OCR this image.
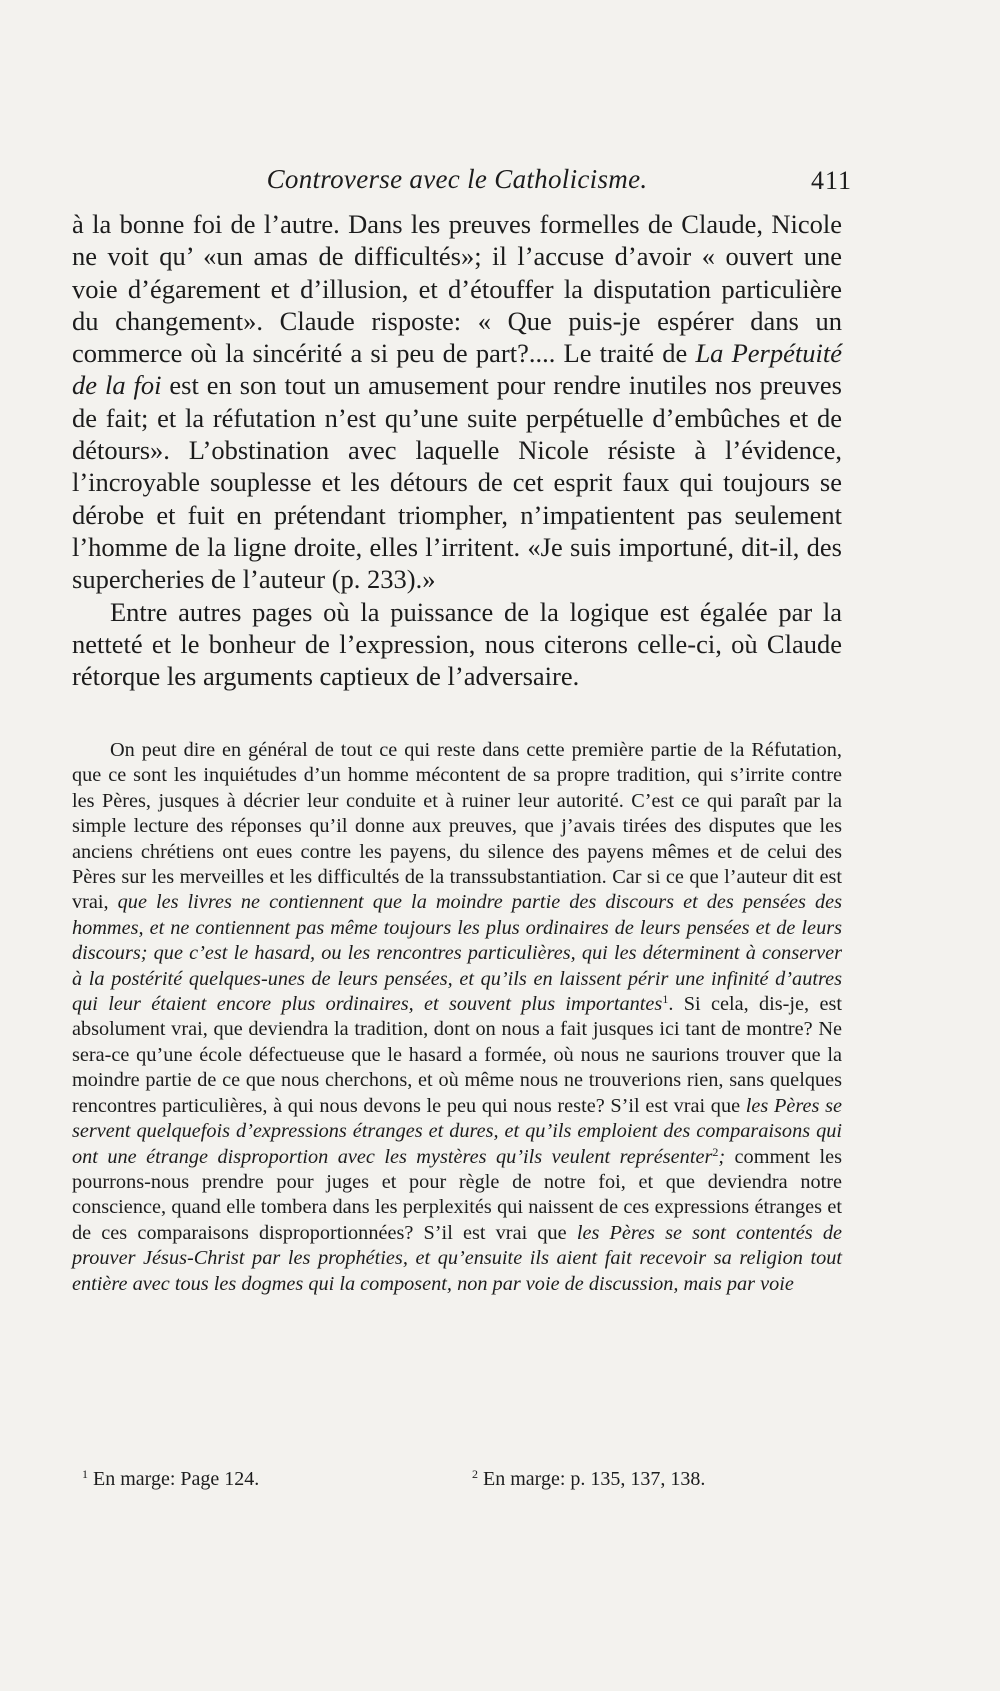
Controverse avec le Catholicisme.	411

à la bonne foi de l’autre. Dans les preuves formelles de Claude, Nicole ne voit qu’ «un amas de difficultés»; il l’accuse d’avoir « ouvert une voie d’égarement et d’illusion, et d’étouffer la disputation particulière du changement». Claude risposte: « Que puis-je espérer dans un commerce où la sincérité a si peu de part?.... Le traité de La Perpétuité de la foi est en son tout un amusement pour rendre inutiles nos preuves de fait; et la réfutation n’est qu’une suite perpétuelle d’embûches et de détours». L’obstination avec laquelle Nicole résiste à l’évidence, l’incroyable souplesse et les détours de cet esprit faux qui toujours se dérobe et fuit en prétendant triompher, n’impatientent pas seulement l’homme de la ligne droite, elles l’irritent. «Je suis importuné, dit-il, des supercheries de l’auteur (p. 233).»

Entre autres pages où la puissance de la logique est égalée par la netteté et le bonheur de l’expression, nous citerons celle-ci, où Claude rétorque les arguments captieux de l’adversaire.

On peut dire en général de tout ce qui reste dans cette première partie de la Réfutation, que ce sont les inquiétudes d’un homme mécontent de sa propre tradition, qui s’irrite contre les Pères, jusques à décrier leur conduite et à ruiner leur autorité. C’est ce qui paraît par la simple lecture des réponses qu’il donne aux preuves, que j’avais tirées des disputes que les anciens chrétiens ont eues contre les payens, du silence des payens mêmes et de celui des Pères sur les merveilles et les difficultés de la transsubstantiation. Car si ce que l’auteur dit est vrai, que les livres ne contiennent que la moindre partie des discours et des pensées des hommes, et ne contiennent pas même toujours les plus ordinaires de leurs pensées et de leurs discours; que c’est le hasard, ou les rencontres particulières, qui les déterminent à conserver à la postérité quelques-unes de leurs pensées, et qu’ils en laissent périr une infinité d’autres qui leur étaient encore plus ordinaires, et souvent plus importantes$^1$. Si cela, dis-je, est absolument vrai, que deviendra la tradition, dont on nous a fait jusques ici tant de montre? Ne sera-ce qu’une école défectueuse que le hasard a formée, où nous ne saurions trouver que la moindre partie de ce que nous cherchons, et où même nous ne trouverions rien, sans quelques rencontres particulières, à qui nous devons le peu qui nous reste? S’il est vrai que les Pères se servent quelquefois d’expressions étranges et dures, et qu’ils emploient des comparaisons qui ont une étrange disproportion avec les mystères qu’ils veulent représenter$^2$; comment les pourrons-nous prendre pour juges et pour règle de notre foi, et que deviendra notre conscience, quand elle tombera dans les perplexités qui naissent de ces expressions étranges et de ces comparaisons disproportionnées? S’il est vrai que les Pères se sont contentés de prouver Jésus-Christ par les prophéties, et qu’ensuite ils aient fait recevoir sa religion tout entière avec tous les dogmes qui la composent, non par voie de discussion, mais par voie

$^1$ En marge: Page 124.	$^2$ En marge: p. 135, 137, 138.
